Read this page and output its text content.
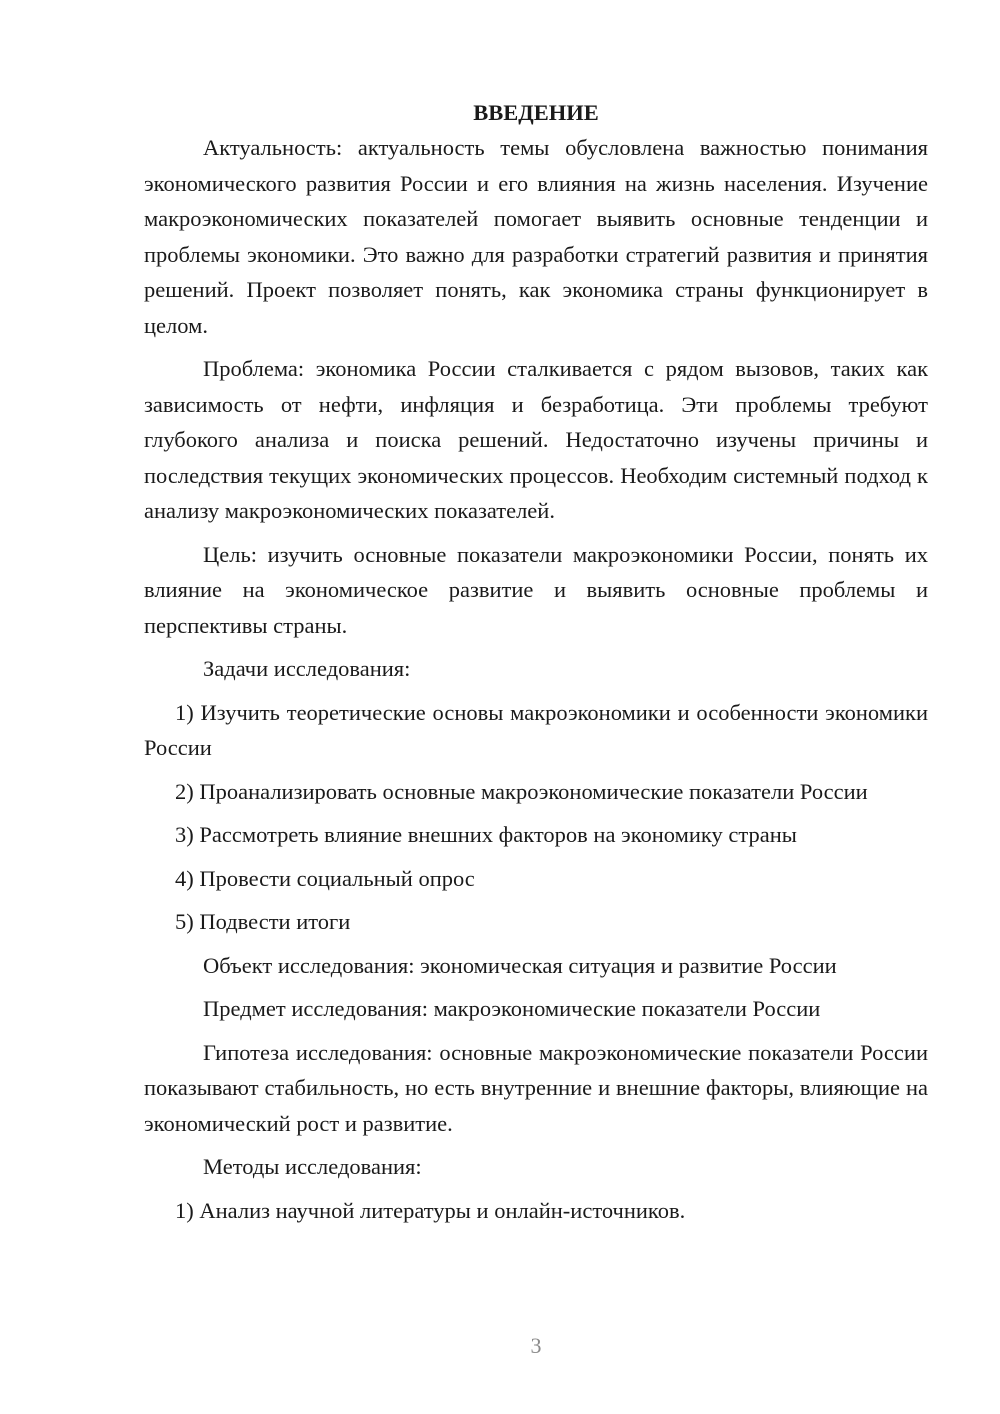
ВВЕДЕНИЕ

Актуальность: актуальность темы обусловлена важностью понимания экономического развития России и его влияния на жизнь населения. Изучение макроэкономических показателей помогает выявить основные тенденции и проблемы экономики. Это важно для разработки стратегий развития и принятия решений. Проект позволяет понять, как экономика страны функционирует в целом.

Проблема: экономика России сталкивается с рядом вызовов, таких как зависимость от нефти, инфляция и безработица. Эти проблемы требуют глубокого анализа и поиска решений. Недостаточно изучены причины и последствия текущих экономических процессов. Необходим системный подход к анализу макроэкономических показателей.

Цель: изучить основные показатели макроэкономики России, понять их влияние на экономическое развитие и выявить основные проблемы и перспективы страны.

Задачи исследования:

1) Изучить теоретические основы макроэкономики и особенности экономики России

2) Проанализировать основные макроэкономические показатели России

3) Рассмотреть влияние внешних факторов на экономику страны

4) Провести социальный опрос

5) Подвести итоги

Объект исследования: экономическая ситуация и развитие России

Предмет исследования: макроэкономические показатели России

Гипотеза исследования: основные макроэкономические показатели России показывают стабильность, но есть внутренние и внешние факторы, влияющие на экономический рост и развитие.

Методы исследования:

1) Анализ научной литературы и онлайн-источников.

3
